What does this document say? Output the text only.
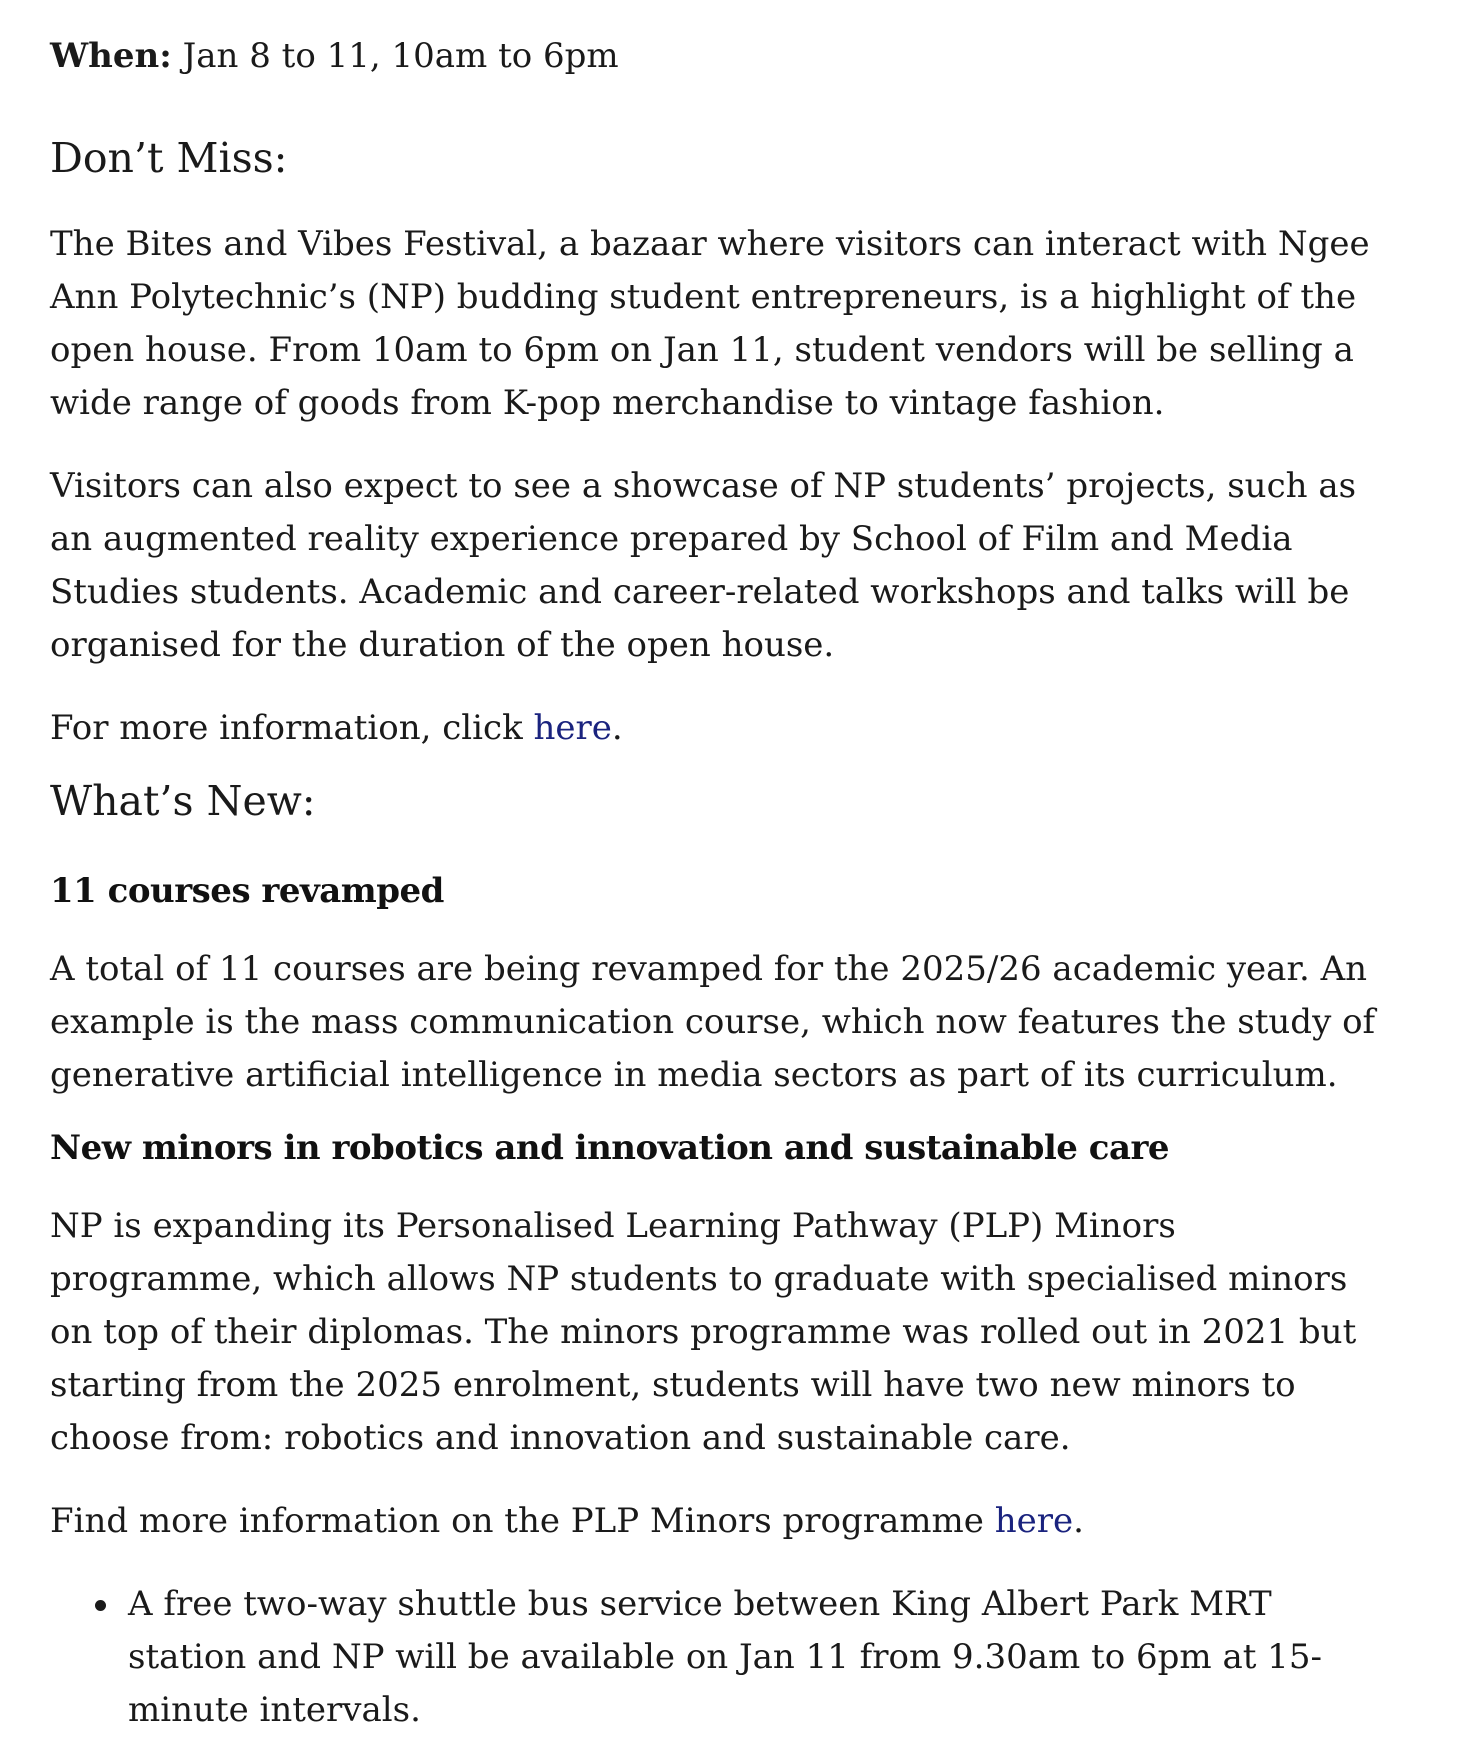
When: Jan 8 to 11, 10am to 6pm

Don’t Miss:

The Bites and Vibes Festival, a bazaar where visitors can interact with Ngee Ann Polytechnic’s (NP) budding student entrepreneurs, is a highlight of the open house. From 10am to 6pm on Jan 11, student vendors will be selling a wide range of goods from K-pop merchandise to vintage fashion.

Visitors can also expect to see a showcase of NP students’ projects, such as an augmented reality experience prepared by School of Film and Media Studies students. Academic and career-related workshops and talks will be organised for the duration of the open house.

For more information, click here.

What’s New:
11 courses revamped

A total of 11 courses are being revamped for the 2025/26 academic year. An example is the mass communication course, which now features the study of generative artificial intelligence in media sectors as part of its curriculum.

New minors in robotics and innovation and sustainable care

NP is expanding its Personalised Learning Pathway (PLP) Minors programme, which allows NP students to graduate with specialised minors on top of their diplomas. The minors programme was rolled out in 2021 but starting from the 2025 enrolment, students will have two new minors to choose from: robotics and innovation and sustainable care.

Find more information on the PLP Minors programme here.

A free two-way shuttle bus service between King Albert Park MRT station and NP will be available on Jan 11 from 9.30am to 6pm at 15-minute intervals.
